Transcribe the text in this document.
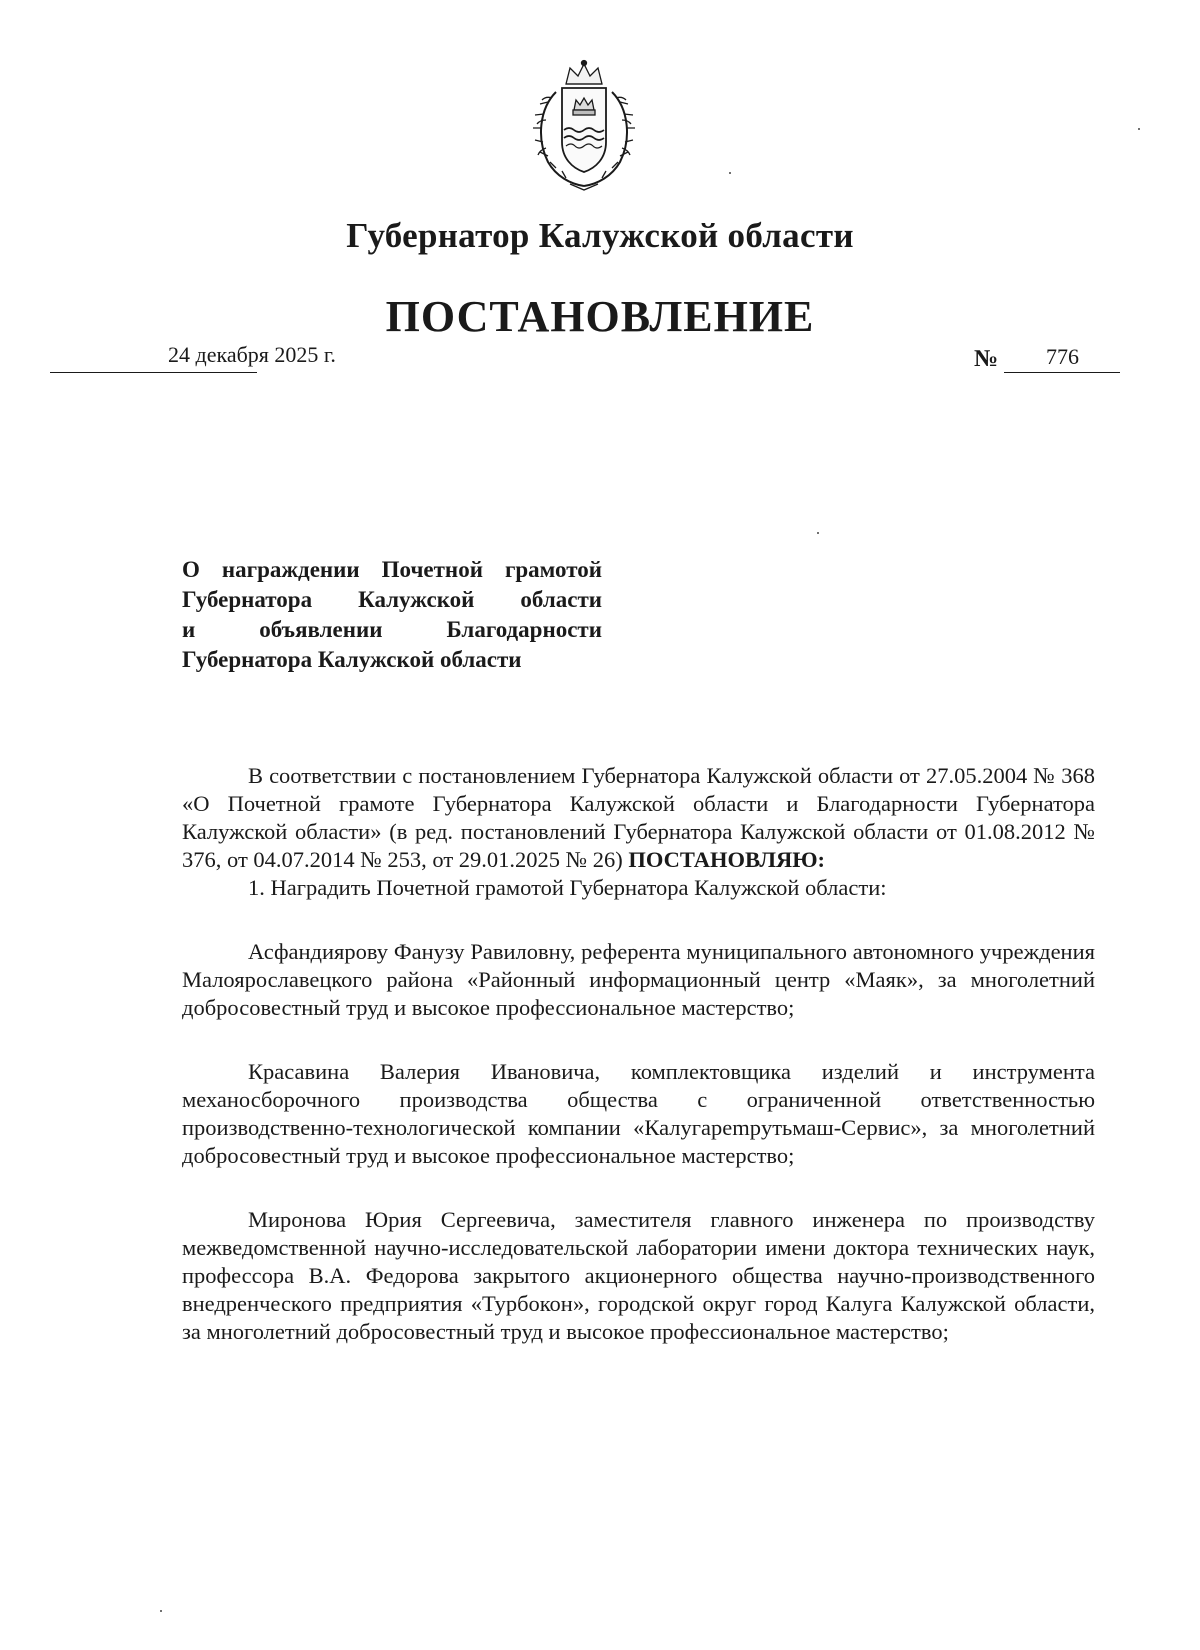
Губернатор Калужской области
ПОСТАНОВЛЕНИЕ
24 декабря 2025 г.	№ 776
О награждении Почетной грамотой
Губернатора Калужской области
и объявлении Благодарности
Губернатора Калужской области

В соответствии с постановлением Губернатора Калужской области от 27.05.2004 № 368 «О Почетной грамоте Губернатора Калужской области и Благодарности Губернатора Калужской области» (в ред. постановлений Губернатора Калужской области от 01.08.2012 № 376, от 04.07.2014 № 253, от 29.01.2025 № 26) ПОСТАНОВЛЯЮ:

1. Наградить Почетной грамотой Губернатора Калужской области:

Асфандиярову Фанузу Равиловну, референта муниципального автономного учреждения Малоярославецкого района «Районный информационный центр «Маяк», за многолетний добросовестный труд и высокое профессиональное мастерство;

Красавина Валерия Ивановича, комплектовщика изделий и инструмента механосборочного производства общества с ограниченной ответственностью производственно-технологической компании «Калугарempутьмаш-Сервис», за многолетний добросовестный труд и высокое профессиональное мастерство;

Миронова Юрия Сергеевича, заместителя главного инженера по производству межведомственной научно-исследовательской лаборатории имени доктора технических наук, профессора В.А. Федорова закрытого акционерного общества научно-производственного внедренческого предприятия «Турбокон», городской округ город Калуга Калужской области, за многолетний добросовестный труд и высокое профессиональное мастерство;
